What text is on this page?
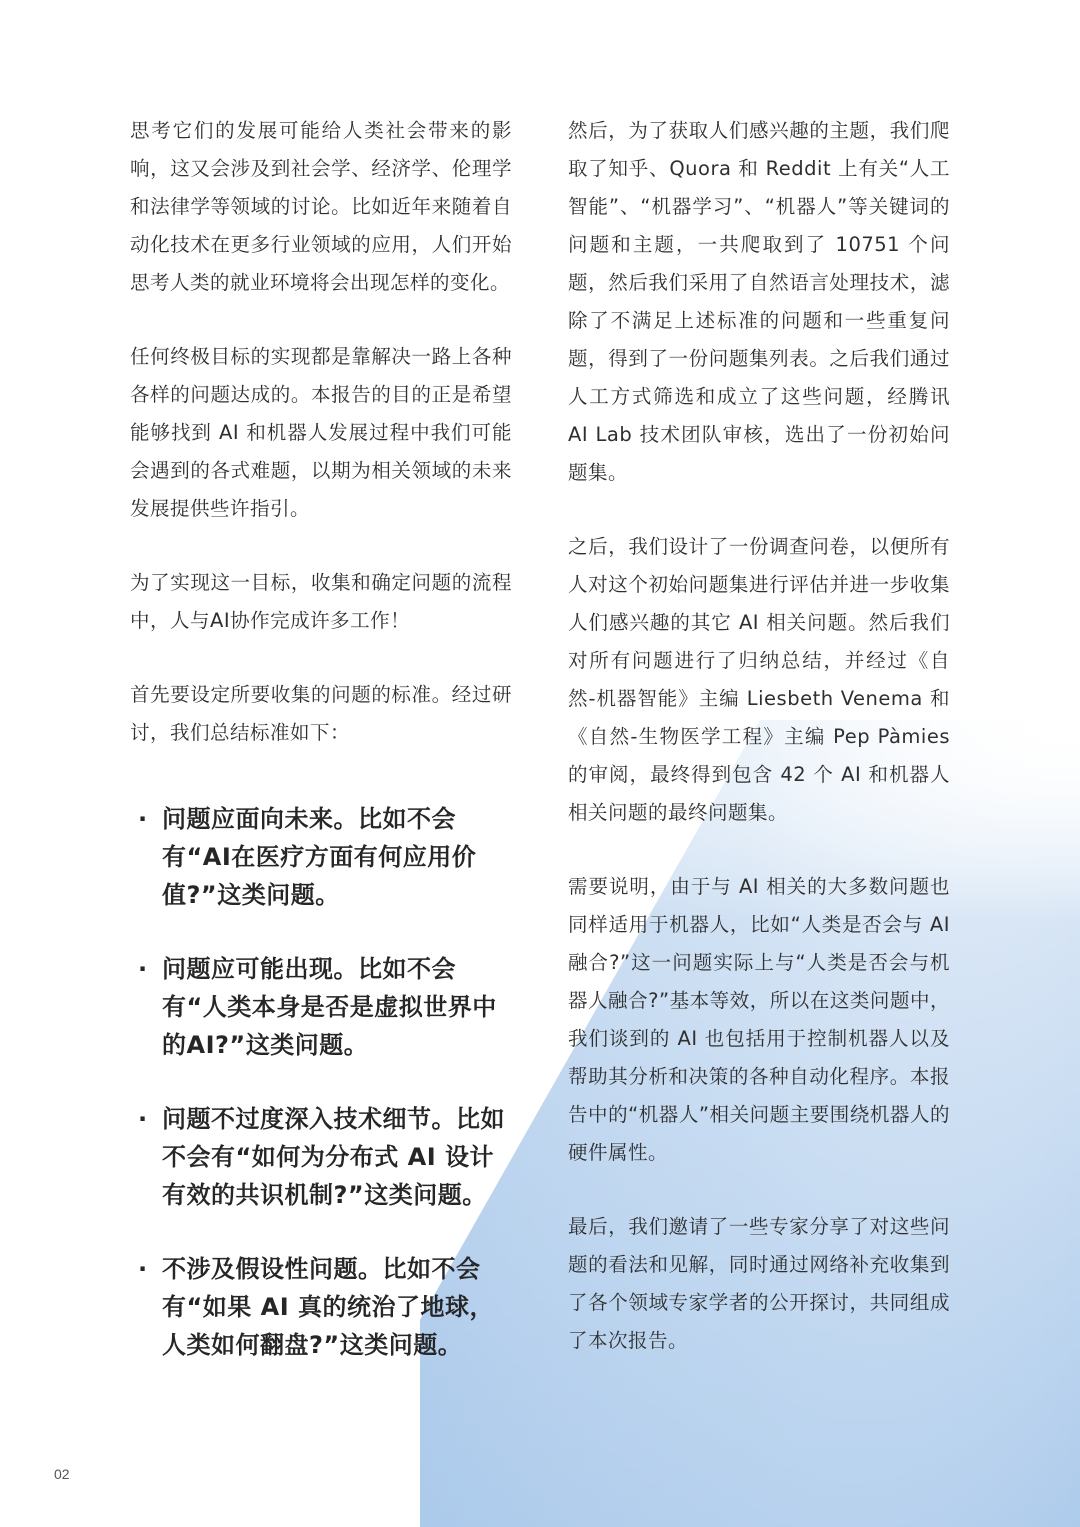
思考它们的发展可能给人类社会带来的影响，这又会涉及到社会学、经济学、伦理学和法律学等领域的讨论。比如近年来随着自动化技术在更多行业领域的应用，人们开始思考人类的就业环境将会出现怎样的变化。

任何终极目标的实现都是靠解决一路上各种各样的问题达成的。本报告的目的正是希望能够找到 AI 和机器人发展过程中我们可能会遇到的各式难题，以期为相关领域的未来发展提供些许指引。

为了实现这一目标，收集和确定问题的流程中，人与AI协作完成许多工作！

首先要设定所要收集的问题的标准。经过研讨，我们总结标准如下：

· 问题应面向未来。比如不会有“AI在医疗方面有何应用价值?”这类问题。
· 问题应可能出现。比如不会有“人类本身是否是虚拟世界中的AI?”这类问题。
· 问题不过度深入技术细节。比如不会有“如何为分布式 AI 设计有效的共识机制?”这类问题。
· 不涉及假设性问题。比如不会有“如果 AI 真的统治了地球，人类如何翻盘?”这类问题。

然后，为了获取人们感兴趣的主题，我们爬取了知乎、Quora 和 Reddit 上有关“人工智能”、“机器学习”、“机器人”等关键词的问题和主题，一共爬取到了 10751 个问题，然后我们采用了自然语言处理技术，滤除了不满足上述标准的问题和一些重复问题，得到了一份问题集列表。之后我们通过人工方式筛选和成立了这些问题，经腾讯 AI Lab 技术团队审核，选出了一份初始问题集。

之后，我们设计了一份调查问卷，以便所有人对这个初始问题集进行评估并进一步收集人们感兴趣的其它 AI 相关问题。然后我们对所有问题进行了归纳总结，并经过《自然-机器智能》主编 Liesbeth Venema 和《自然-生物医学工程》主编 Pep Pàmies 的审阅，最终得到包含 42 个 AI 和机器人相关问题的最终问题集。

需要说明，由于与 AI 相关的大多数问题也同样适用于机器人，比如“人类是否会与 AI 融合?”这一问题实际上与“人类是否会与机器人融合?”基本等效，所以在这类问题中，我们谈到的 AI 也包括用于控制机器人以及帮助其分析和决策的各种自动化程序。本报告中的“机器人”相关问题主要围绕机器人的硬件属性。

最后，我们邀请了一些专家分享了对这些问题的看法和见解，同时通过网络补充收集到了各个领域专家学者的公开探讨，共同组成了本次报告。

02
